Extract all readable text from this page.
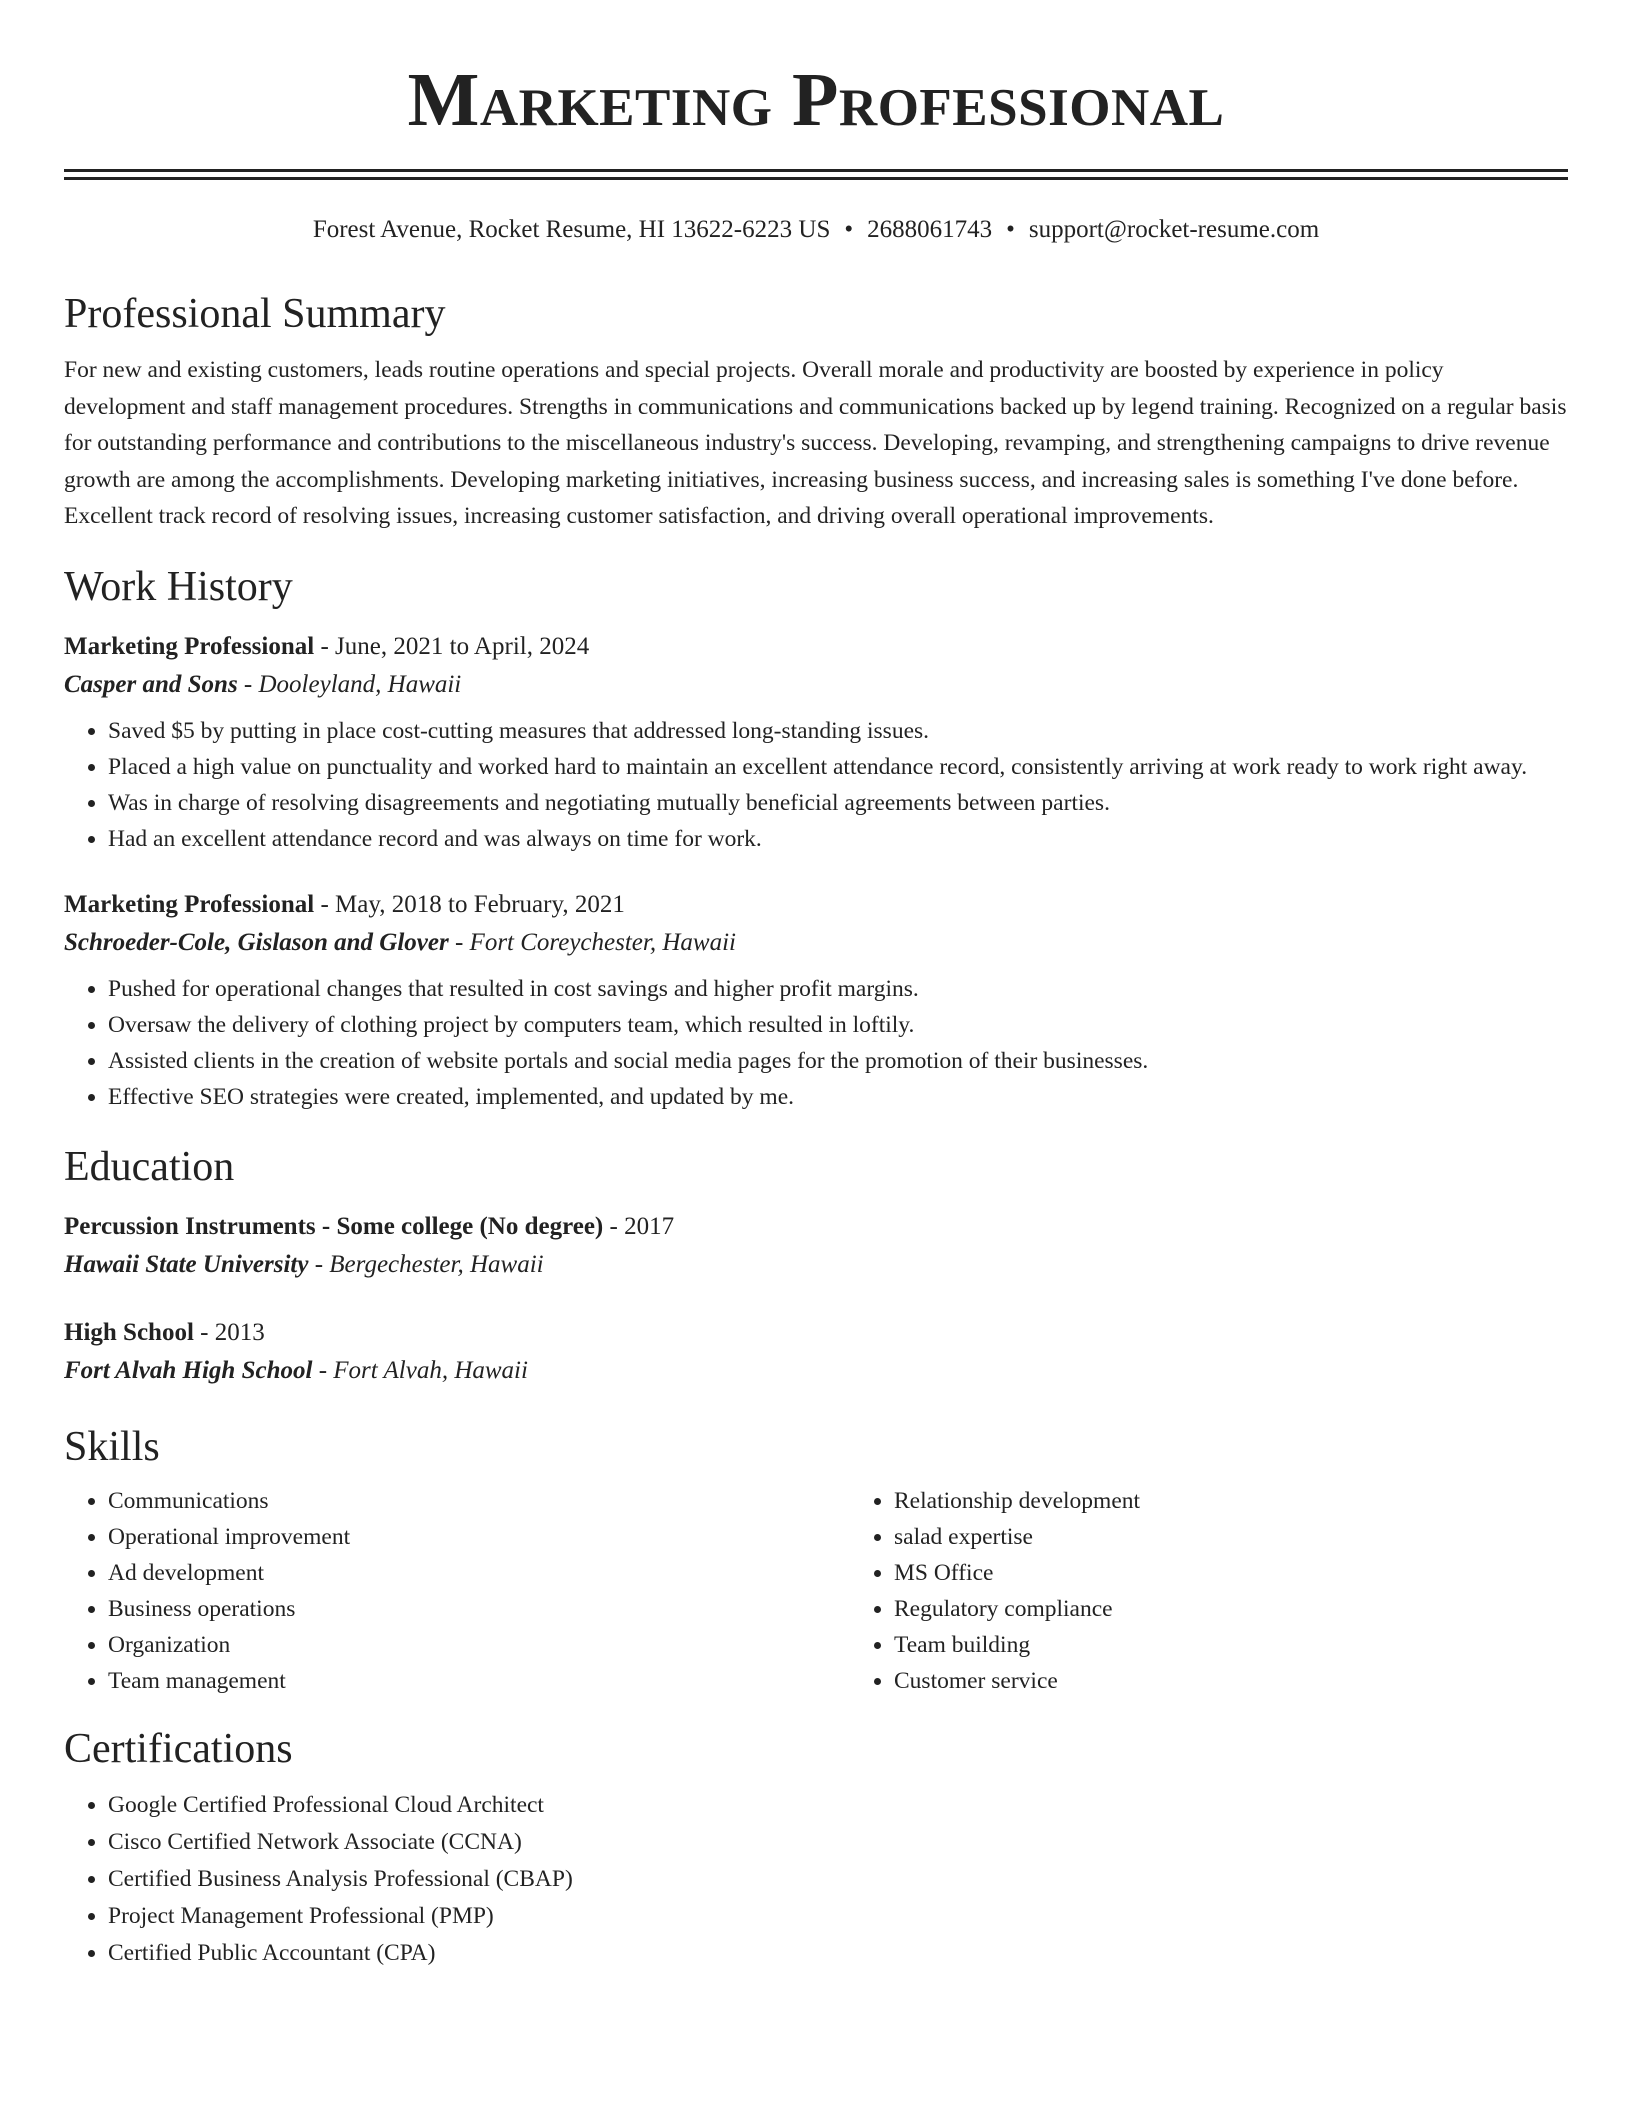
Marketing Professional
Forest Avenue, Rocket Resume, HI 13622-6223 US • 2688061743 • support@rocket-resume.com
Professional Summary

For new and existing customers, leads routine operations and special projects. Overall morale and productivity are boosted by experience in policy development and staff management procedures. Strengths in communications and communications backed up by legend training. Recognized on a regular basis for outstanding performance and contributions to the miscellaneous industry's success. Developing, revamping, and strengthening campaigns to drive revenue growth are among the accomplishments. Developing marketing initiatives, increasing business success, and increasing sales is something I've done before. Excellent track record of resolving issues, increasing customer satisfaction, and driving overall operational improvements.

Work History
Marketing Professional - June, 2021 to April, 2024
Casper and Sons - Dooleyland, Hawaii
• Saved $5 by putting in place cost-cutting measures that addressed long-standing issues.
• Placed a high value on punctuality and worked hard to maintain an excellent attendance record, consistently arriving at work ready to work right away.
• Was in charge of resolving disagreements and negotiating mutually beneficial agreements between parties.
• Had an excellent attendance record and was always on time for work.
Marketing Professional - May, 2018 to February, 2021
Schroeder-Cole, Gislason and Glover - Fort Coreychester, Hawaii
• Pushed for operational changes that resulted in cost savings and higher profit margins.
• Oversaw the delivery of clothing project by computers team, which resulted in loftily.
• Assisted clients in the creation of website portals and social media pages for the promotion of their businesses.
• Effective SEO strategies were created, implemented, and updated by me.
Education
Percussion Instruments - Some college (No degree) - 2017
Hawaii State University - Bergechester, Hawaii
High School - 2013
Fort Alvah High School - Fort Alvah, Hawaii
Skills
• Communications
• Operational improvement
• Ad development
• Business operations
• Organization
• Team management
• Relationship development
• salad expertise
• MS Office
• Regulatory compliance
• Team building
• Customer service
Certifications
• Google Certified Professional Cloud Architect
• Cisco Certified Network Associate (CCNA)
• Certified Business Analysis Professional (CBAP)
• Project Management Professional (PMP)
• Certified Public Accountant (CPA)
